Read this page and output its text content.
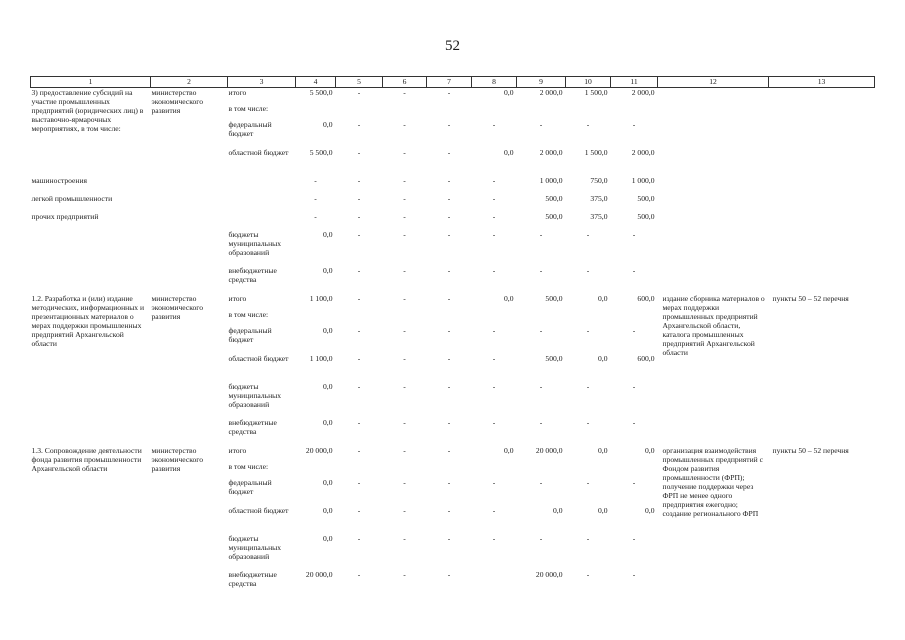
52
1	2	3	4	5	6	7	8	9	10	11	12	13
3) предоставление субсидий на участие промышленных предприятий (юридических лиц) в выставочно-ярмарочных мероприятиях, в том числе:	министерство экономического развития	итого	5 500,0	-	-	-	0,0	2 000,0	1 500,0	2 000,0		
		в том числе:										
		федеральный бюджет	0,0	-	-	-	-	-	-	-		
		областной бюджет	5 500,0	-	-	-	0,0	2 000,0	1 500,0	2 000,0		
машиностроения			-	-	-	-	-	1 000,0	750,0	1 000,0		
легкой промышленности			-	-	-	-	-	500,0	375,0	500,0		
прочих предприятий			-	-	-	-	-	500,0	375,0	500,0		
		бюджеты муниципальных образований	0,0	-	-	-	-	-	-	-		
		внебюджетные средства	0,0	-	-	-	-	-	-	-		
1.2. Разработка и (или) издание методических, информационных и презентационных материалов о мерах поддержки промышленных предприятий Архангельской области	министерство экономического развития	итого	1 100,0	-	-	-	0,0	500,0	0,0	600,0	издание сборника материалов о мерах поддержки промышленных предприятий Архангельской области, каталога промышленных предприятий Архангельской области	пункты 50 – 52 перечня
		в том числе:										
		федеральный бюджет	0,0	-	-	-	-	-	-	-		
		областной бюджет	1 100,0	-	-	-	-	500,0	0,0	600,0		
		бюджеты муниципальных образований	0,0	-	-	-	-	-	-	-		
		внебюджетные средства	0,0	-	-	-	-	-	-	-		
1.3. Сопровождение деятельности фонда развития промышленности Архангельской области	министерство экономического развития	итого	20 000,0	-	-	-	0,0	20 000,0	0,0	0,0	организация взаимодействия промышленных предприятий с Фондом развития промышленности (ФРП); получение поддержки через ФРП не менее одного предприятия ежегодно; создание регионального ФРП	пункты 50 – 52 перечня
		в том числе:										
		федеральный бюджет	0,0	-	-	-	-	-	-	-		
		областной бюджет	0,0	-	-	-	-	0,0	0,0	0,0		
		бюджеты муниципальных образований	0,0	-	-	-	-	-	-	-		
		внебюджетные средства	20 000,0	-	-	-		20 000,0	-	-		
